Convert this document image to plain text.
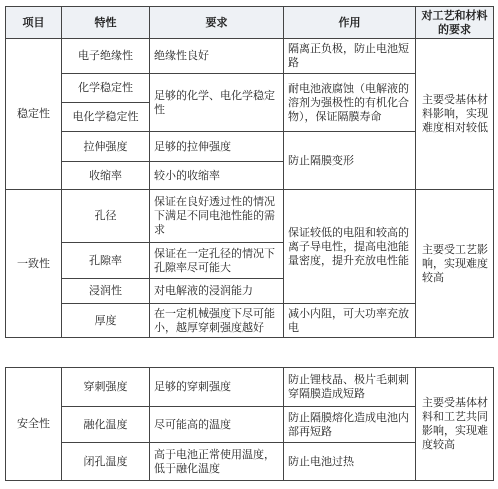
项目	特性	要求	作用	对工艺和材料的要求
稳定性	电子绝缘性	绝缘性良好	隔离正负极，防止电池短路	主要受基体材料影响，实现难度相对较低
	化学稳定性	足够的化学、电化学稳定性	耐电池液腐蚀（电解液的溶剂为强极性的有机化合物），保证隔膜寿命	
	电化学稳定性			
	拉伸强度	足够的拉伸强度	防止隔膜变形	
	收缩率	较小的收缩率		
一致性	孔径	保证在良好透过性的情况下满足不同电池性能的需求	保证较低的电阻和较高的离子导电性，提高电池能量密度，提升充放电性能	主要受工艺影响，实现难度较高
	孔隙率	保证在一定孔径的情况下孔隙率尽可能大		
	浸润性	对电解液的浸润能力		
	厚度	在一定机械强度下尽可能小，越厚穿刺强度越好	减小内阻，可大功率充放电	
安全性	穿刺强度	足够的穿刺强度	防止锂枝晶、极片毛刺刺穿隔膜造成短路	主要受基体材料和工艺共同影响，实现难度较高
	融化温度	尽可能高的温度	防止隔膜熔化造成电池内部再短路	
	闭孔温度	高于电池正常使用温度，低于融化温度	防止电池过热	
